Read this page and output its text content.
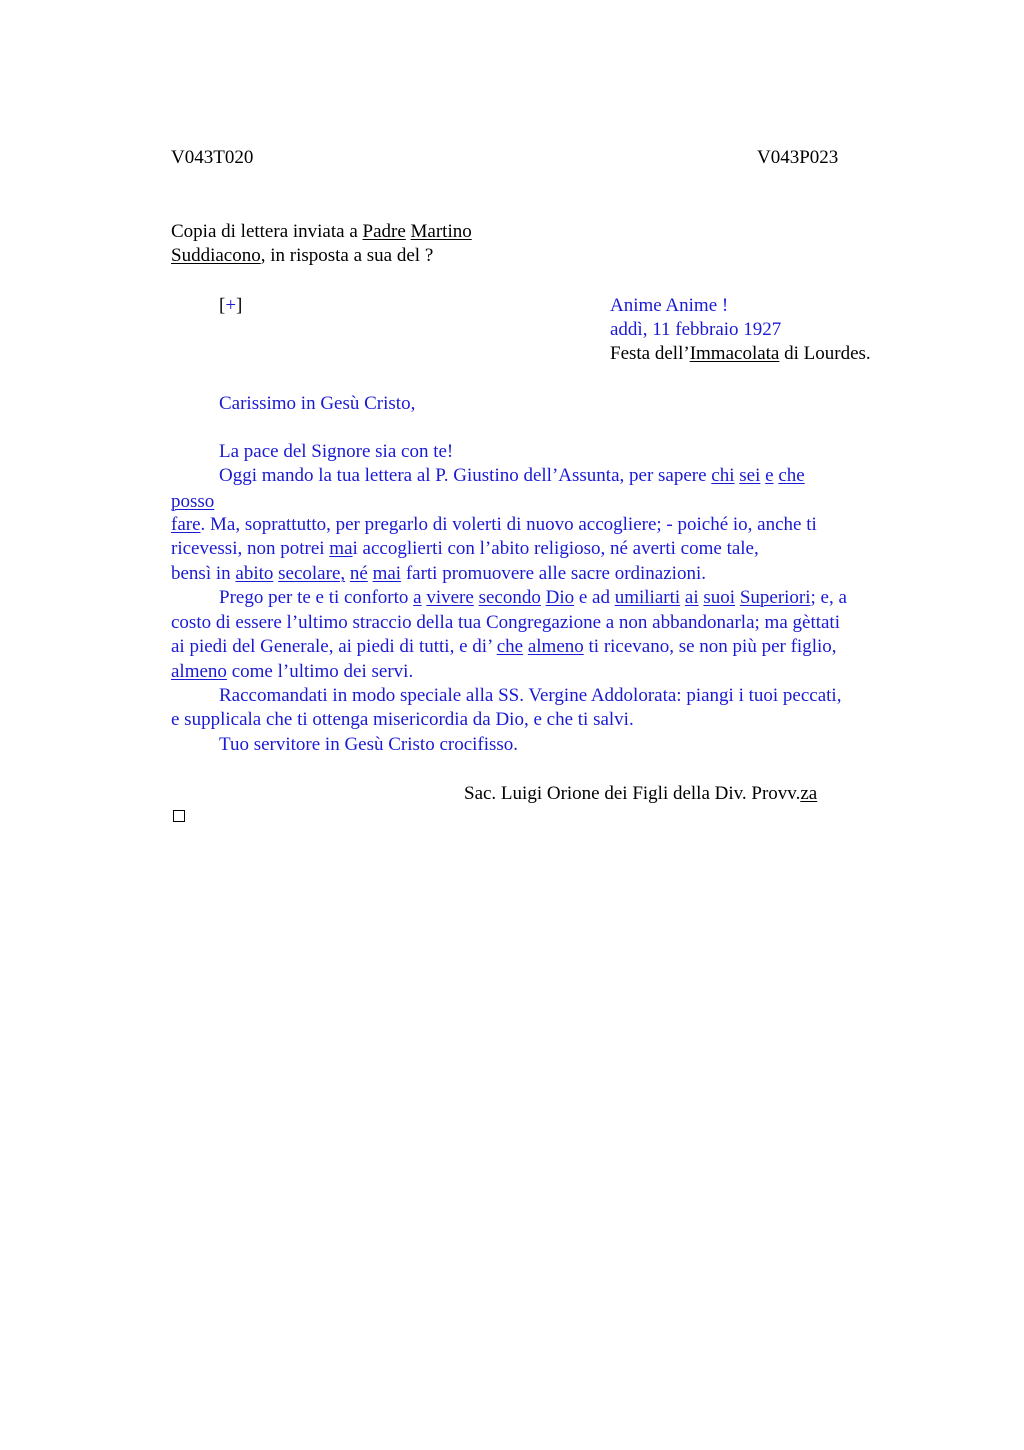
V043T020	V043P023
Copia di lettera inviata a Padre Martino
Suddiacono, in risposta a sua del ?
[+]	Anime Anime !
addì, 11 febbraio 1927
Festa dell’Immacolata di Lourdes.
Carissimo in Gesù Cristo,
La pace del Signore sia con te!
Oggi mando la tua lettera al P. Giustino dell’Assunta, per sapere chi sei e che
posso
fare. Ma, soprattutto, per pregarlo di volerti di nuovo accogliere; - poiché io, anche ti
ricevessi, non potrei mai accoglierti con l’abito religioso, né averti come tale,
bensì in abito secolare, né mai farti promuovere alle sacre ordinazioni.
Prego per te e ti conforto a vivere secondo Dio e ad umiliarti ai suoi Superiori; e, a
costo di essere l’ultimo straccio della tua Congregazione a non abbandonarla; ma gèttati
ai piedi del Generale, ai piedi di tutti, e di’ che almeno ti ricevano, se non più per figlio,
almeno come l’ultimo dei servi.
Raccomandati in modo speciale alla SS. Vergine Addolorata: piangi i tuoi peccati,
e supplicala che ti ottenga misericordia da Dio, e che ti salvi.
Tuo servitore in Gesù Cristo crocifisso.
Sac. Luigi Orione dei Figli della Div. Provv.za
